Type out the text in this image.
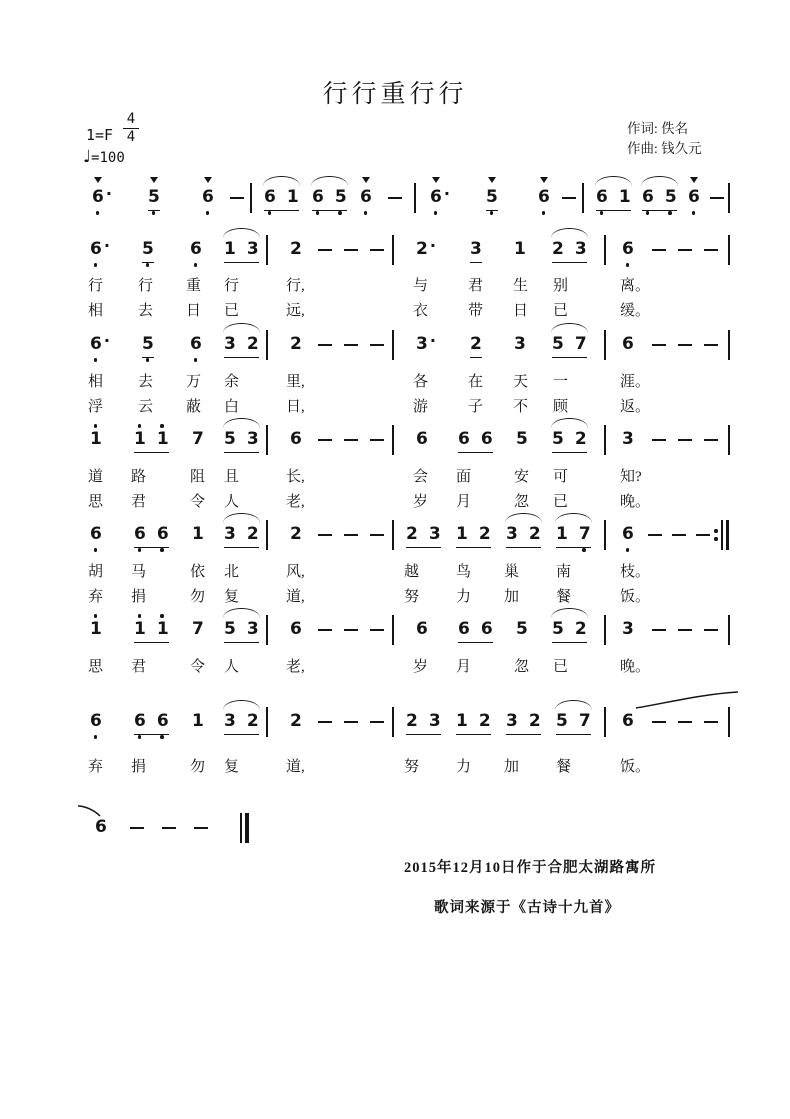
行行重行行
1=F
4
4
♩=100
作词: 佚名
作曲: 钱久元
2015年12月10日作于合肥太湖路寓所
歌词来源于《古诗十九首》
6 · 5 6	6 1 6 5 6	6 · 5 6	6 1 6 5 6
6 · 5 6 1 3 2	2 · 3 1 2 3 6
6 · 5 6 3 2 2	3 · 2 3 5 7 6
1 1 1 7 5 3 6	6 6 6 5 5 2 3
6 6 6 1 3 2 2	2 3 1 2 3 2 1 7 6
1 1 1 7 5 3 6	6 6 6 5 5 2 3
6 6 6 1 3 2 2	2 3 1 2 3 2 5 7 6
6
行 行 重 行	行,	与	君 生 别	离。
相 去 日 已	远,	衣	带 日 已	缓。
相 去 万 余	里,	各	在 天 一	涯。
浮 云 蔽 白	日,	游	子 不 顾	返。
道 路	阻 且	长,	会 面	安 可	知?
思 君	令 人	老,	岁 月	忽 已	晚。
胡 马	依 北	风,	越 鸟 巢 南	枝。
弃 捐	勿 复	道,	努 力 加 餐	饭。
思 君	令 人	老,	岁 月	忽 已	晚。
弃 捐	勿 复	道,	努 力 加 餐	饭。
